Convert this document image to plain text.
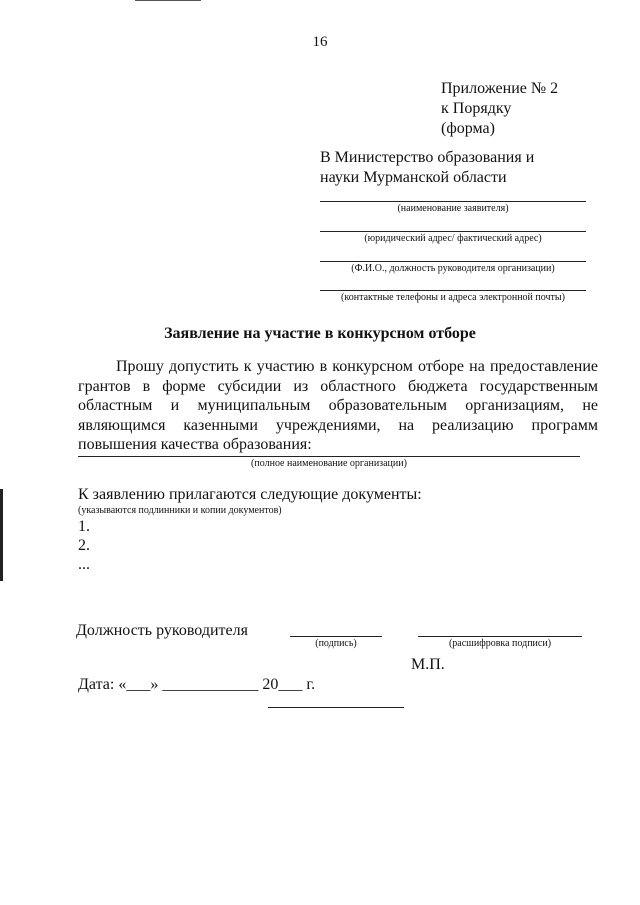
16
Приложение № 2
к Порядку
(форма)
В Министерство образования и
науки Мурманской области
(наименование заявителя)
(юридический адрес/ фактический адрес)
(Ф.И.О., должность руководителя организации)
(контактные телефоны и адреса электронной почты)
Заявление на участие в конкурсном отборе
Прошу допустить к участию в конкурсном отборе на предоставление грантов в форме субсидии из областного бюджета государственным областным и муниципальным образовательным организациям, не являющимся казенными учреждениями, на реализацию программ повышения качества образования:
(полное наименование организации)
К заявлению прилагаются следующие документы:
(указываются подлинники и копии документов)
1.
2.
...
Должность руководителя
(подпись)	(расшифровка подписи)
М.П.
Дата: «___» ____________ 20___ г.
